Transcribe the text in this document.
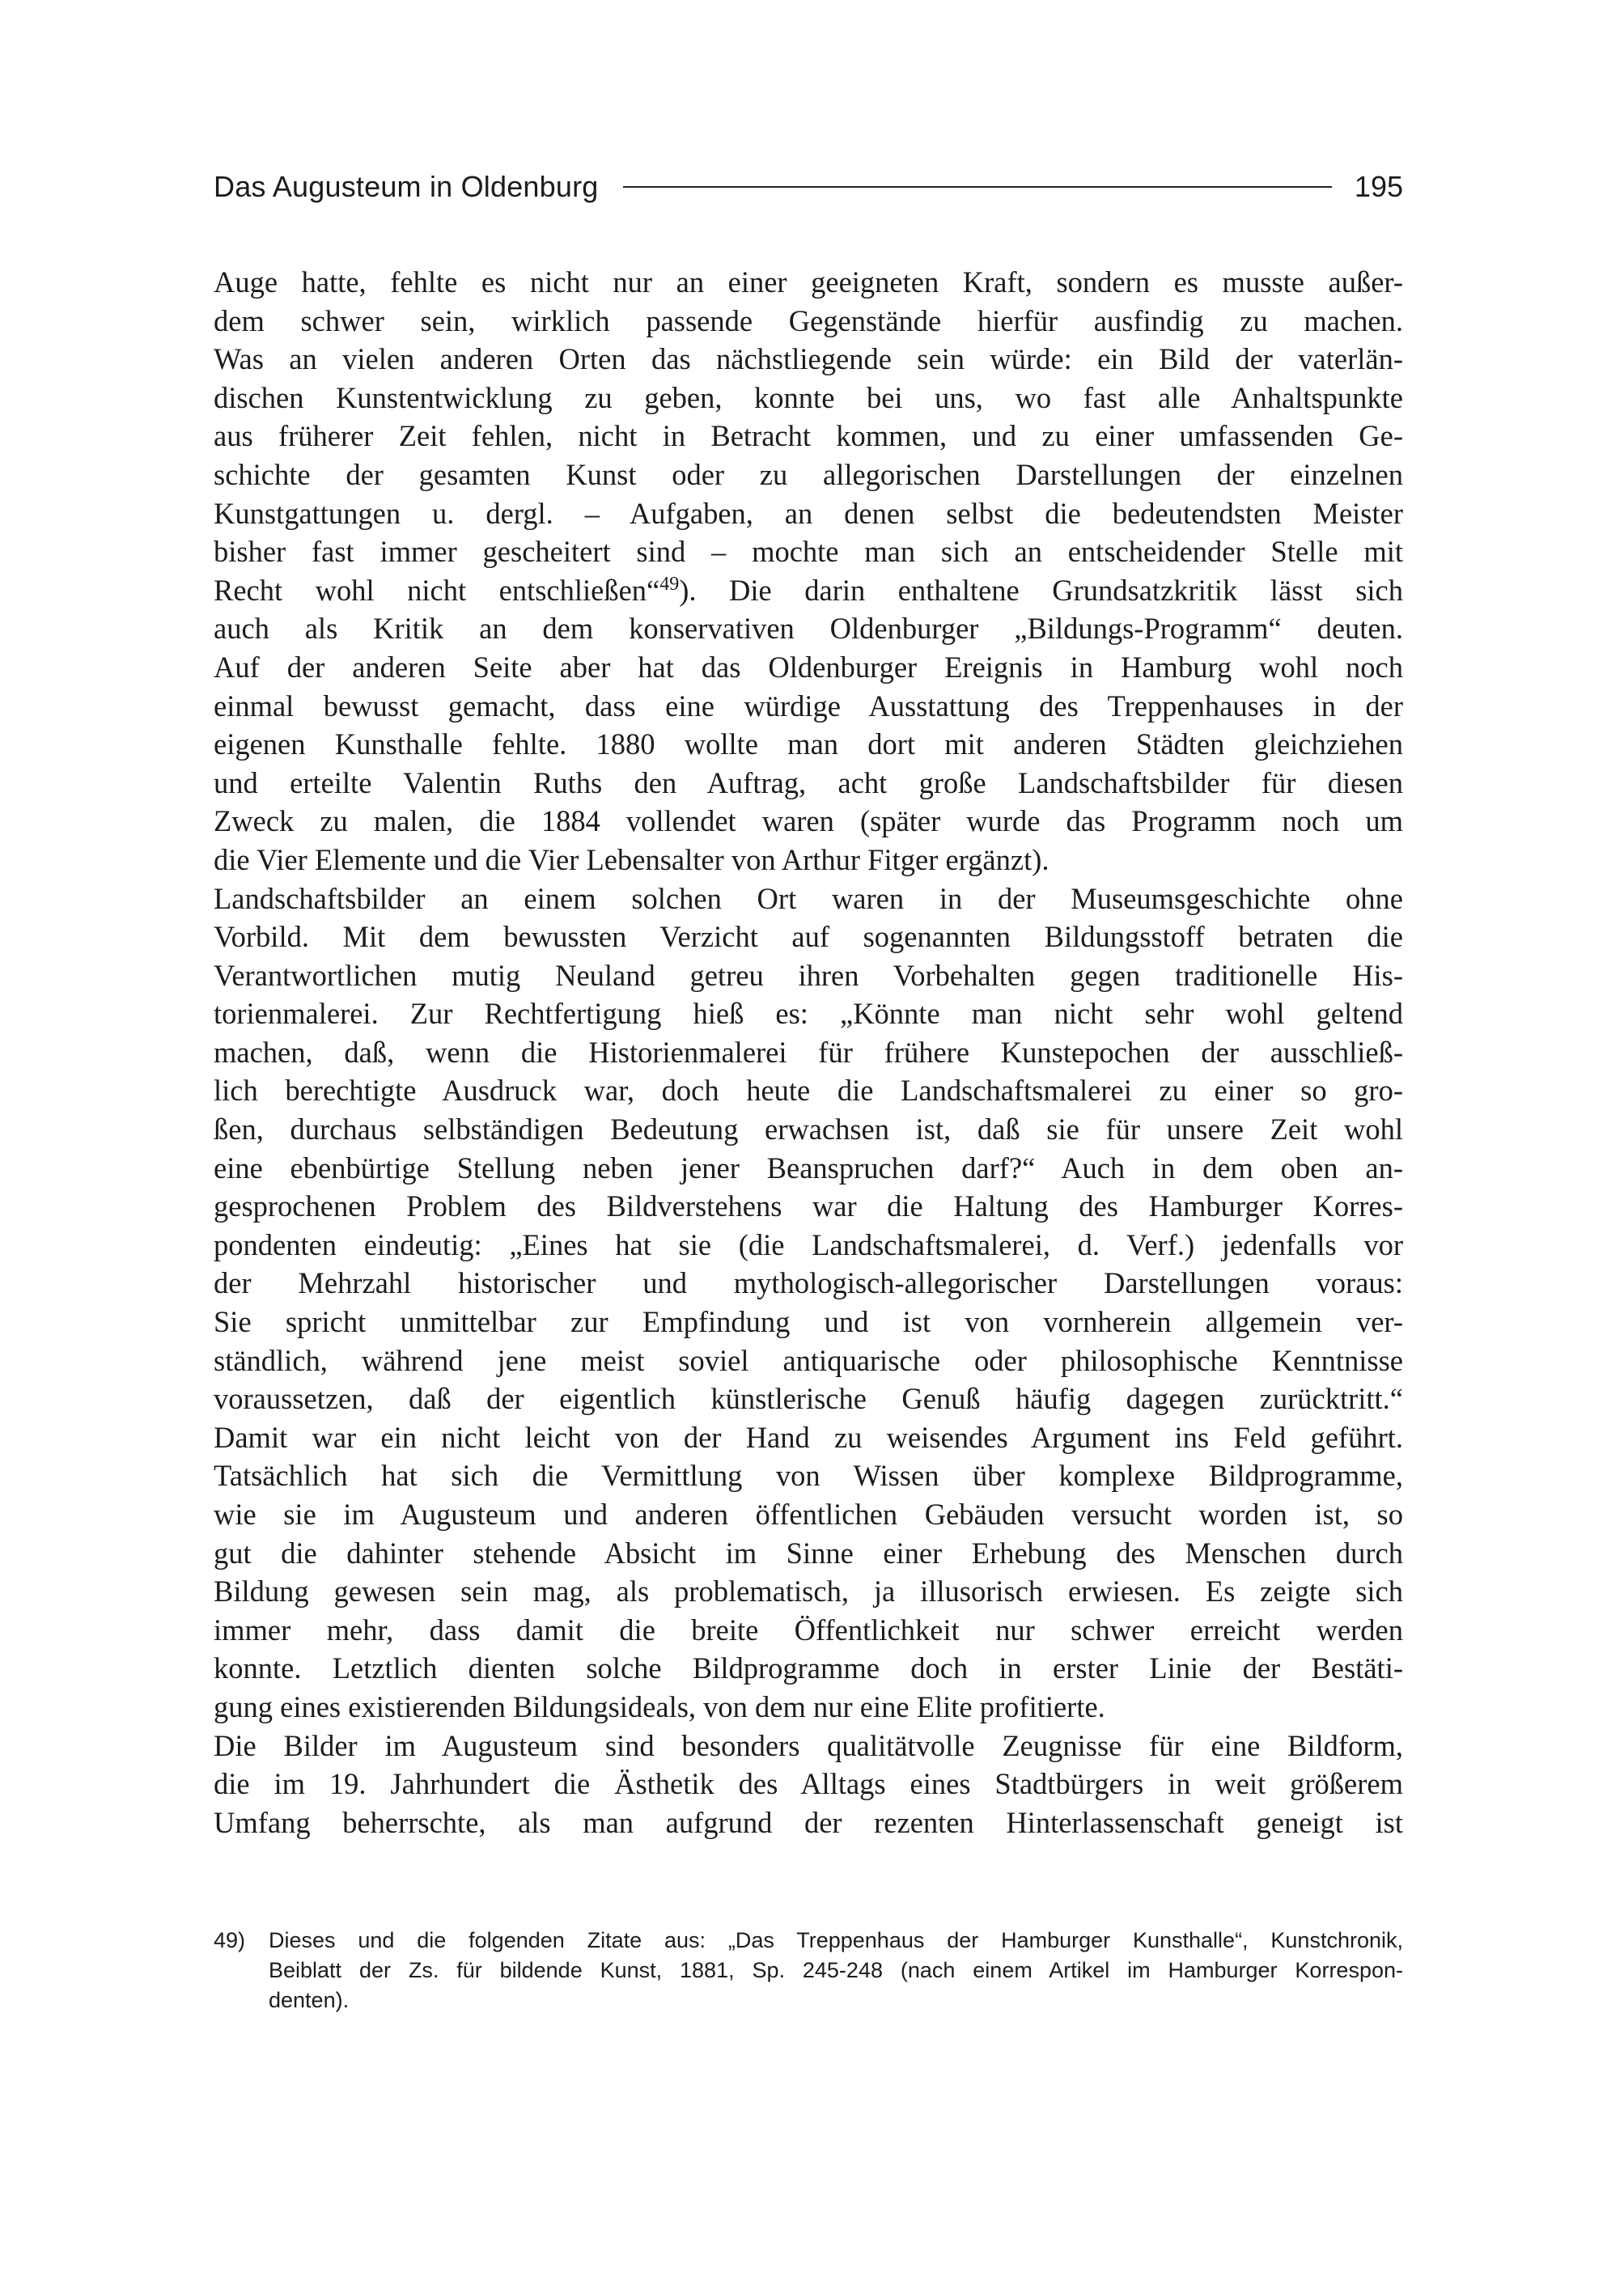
Das Augusteum in Oldenburg	195
Auge hatte, fehlte es nicht nur an einer geeigneten Kraft, sondern es musste außer-
dem schwer sein, wirklich passende Gegenstände hierfür ausfindig zu machen.
Was an vielen anderen Orten das nächstliegende sein würde: ein Bild der vaterlän-
dischen Kunstentwicklung zu geben, konnte bei uns, wo fast alle Anhaltspunkte
aus früherer Zeit fehlen, nicht in Betracht kommen, und zu einer umfassenden Ge-
schichte der gesamten Kunst oder zu allegorischen Darstellungen der einzelnen
Kunstgattungen u. dergl. – Aufgaben, an denen selbst die bedeutendsten Meister
bisher fast immer gescheitert sind – mochte man sich an entscheidender Stelle mit
Recht wohl nicht entschließen“$^{49}$). Die darin enthaltene Grundsatzkritik lässt sich
auch als Kritik an dem konservativen Oldenburger „Bildungs-Programm“ deuten.
Auf der anderen Seite aber hat das Oldenburger Ereignis in Hamburg wohl noch
einmal bewusst gemacht, dass eine würdige Ausstattung des Treppenhauses in der
eigenen Kunsthalle fehlte. 1880 wollte man dort mit anderen Städten gleichziehen
und erteilte Valentin Ruths den Auftrag, acht große Landschaftsbilder für diesen
Zweck zu malen, die 1884 vollendet waren (später wurde das Programm noch um
die Vier Elemente und die Vier Lebensalter von Arthur Fitger ergänzt).
Landschaftsbilder an einem solchen Ort waren in der Museumsgeschichte ohne
Vorbild. Mit dem bewussten Verzicht auf sogenannten Bildungsstoff betraten die
Verantwortlichen mutig Neuland getreu ihren Vorbehalten gegen traditionelle His-
torienmalerei. Zur Rechtfertigung hieß es: „Könnte man nicht sehr wohl geltend
machen, daß, wenn die Historienmalerei für frühere Kunstepochen der ausschließ-
lich berechtigte Ausdruck war, doch heute die Landschaftsmalerei zu einer so gro-
ßen, durchaus selbständigen Bedeutung erwachsen ist, daß sie für unsere Zeit wohl
eine ebenbürtige Stellung neben jener Beanspruchen darf?“ Auch in dem oben an-
gesprochenen Problem des Bildverstehens war die Haltung des Hamburger Korres-
pondenten eindeutig: „Eines hat sie (die Landschaftsmalerei, d. Verf.) jedenfalls vor
der Mehrzahl historischer und mythologisch-allegorischer Darstellungen voraus:
Sie spricht unmittelbar zur Empfindung und ist von vornherein allgemein ver-
ständlich, während jene meist soviel antiquarische oder philosophische Kenntnisse
voraussetzen, daß der eigentlich künstlerische Genuß häufig dagegen zurücktritt.“
Damit war ein nicht leicht von der Hand zu weisendes Argument ins Feld geführt.
Tatsächlich hat sich die Vermittlung von Wissen über komplexe Bildprogramme,
wie sie im Augusteum und anderen öffentlichen Gebäuden versucht worden ist, so
gut die dahinter stehende Absicht im Sinne einer Erhebung des Menschen durch
Bildung gewesen sein mag, als problematisch, ja illusorisch erwiesen. Es zeigte sich
immer mehr, dass damit die breite Öffentlichkeit nur schwer erreicht werden
konnte. Letztlich dienten solche Bildprogramme doch in erster Linie der Bestäti-
gung eines existierenden Bildungsideals, von dem nur eine Elite profitierte.
Die Bilder im Augusteum sind besonders qualitätvolle Zeugnisse für eine Bildform,
die im 19. Jahrhundert die Ästhetik des Alltags eines Stadtbürgers in weit größerem
Umfang beherrschte, als man aufgrund der rezenten Hinterlassenschaft geneigt ist
49) Dieses und die folgenden Zitate aus: „Das Treppenhaus der Hamburger Kunsthalle“, Kunstchronik,
Beiblatt der Zs. für bildende Kunst, 1881, Sp. 245-248 (nach einem Artikel im Hamburger Korrespon-
denten).
